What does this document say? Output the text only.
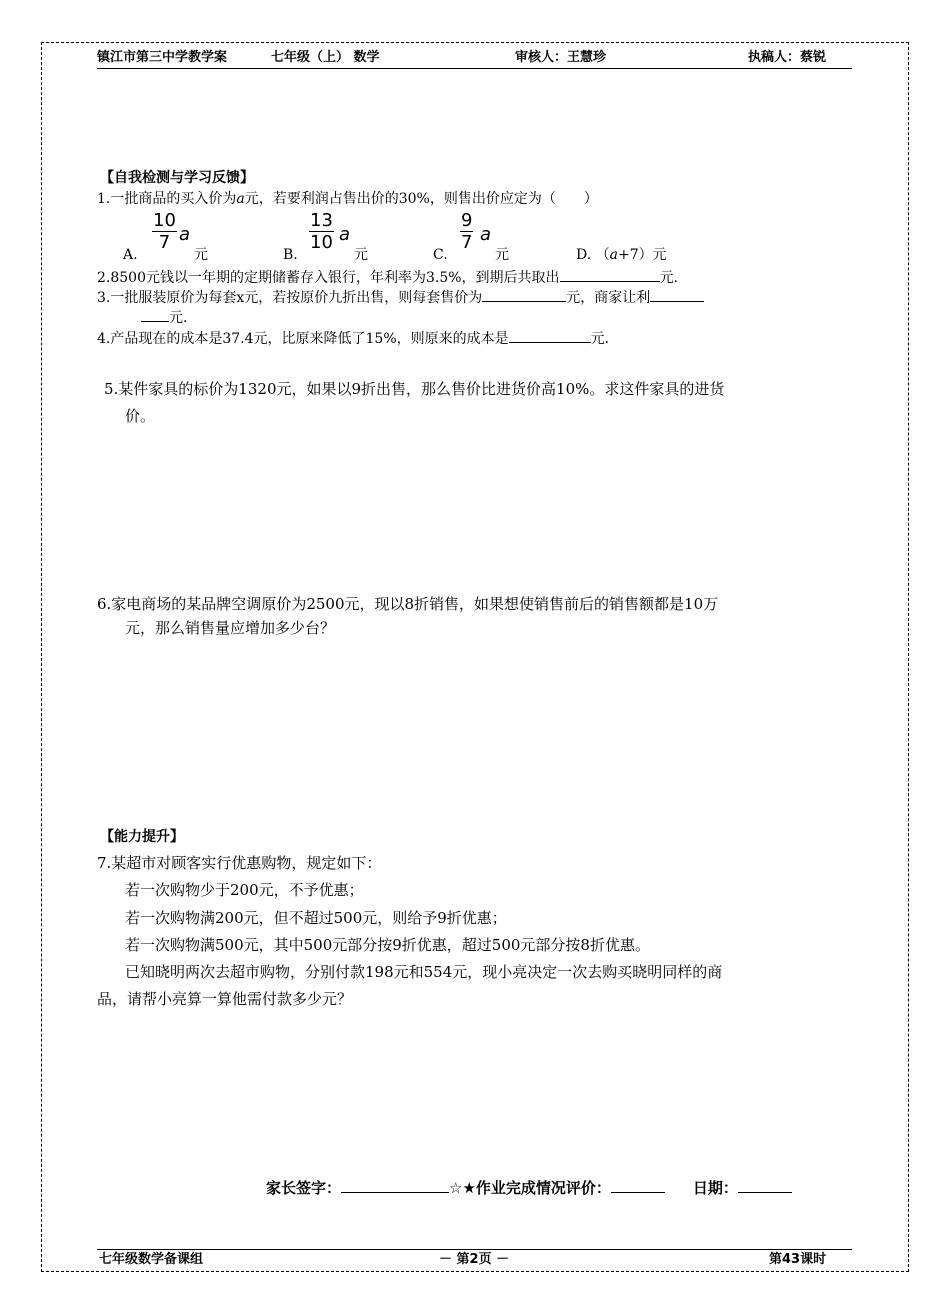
镇江市第三中学教学案	七年级（上） 数学	审核人：王慧珍	执稿人：蔡锐
【自我检测与学习反馈】
1.一批商品的买入价为a元，若要利润占售出价的30%，则售出价应定为（　　）
A.
$\frac{10}{7}$ a
元	B.
$\frac{13}{10}$ a
元	C.
$\frac{9}{7}$ a
元	D. （a+7）元
2.8500元钱以一年期的定期储蓄存入银行，年利率为3.5%，到期后共取出	元.
3.一批服装原价为每套x元，若按原价九折出售，则每套售价为	元，商家让利
元.
4.产品现在的成本是37.4元，比原来降低了15%，则原来的成本是	元.
5.某件家具的标价为1320元，如果以9折出售，那么售价比进货价高10%。求这件家具的进货
价。
6.家电商场的某品牌空调原价为2500元，现以8折销售，如果想使销售前后的销售额都是10万
元，那么销售量应增加多少台？
【能力提升】
7.某超市对顾客实行优惠购物，规定如下：
若一次购物少于200元，不予优惠；
若一次购物满200元，但不超过500元，则给予9折优惠；
若一次购物满500元，其中500元部分按9折优惠，超过500元部分按8折优惠。
已知晓明两次去超市购物，分别付款198元和554元，现小亮决定一次去购买晓明同样的商
品，请帮小亮算一算他需付款多少元？
家长签字：	☆★作业完成情况评价：	日期：
七年级数学备课组	－ 第2页 －	第43课时
